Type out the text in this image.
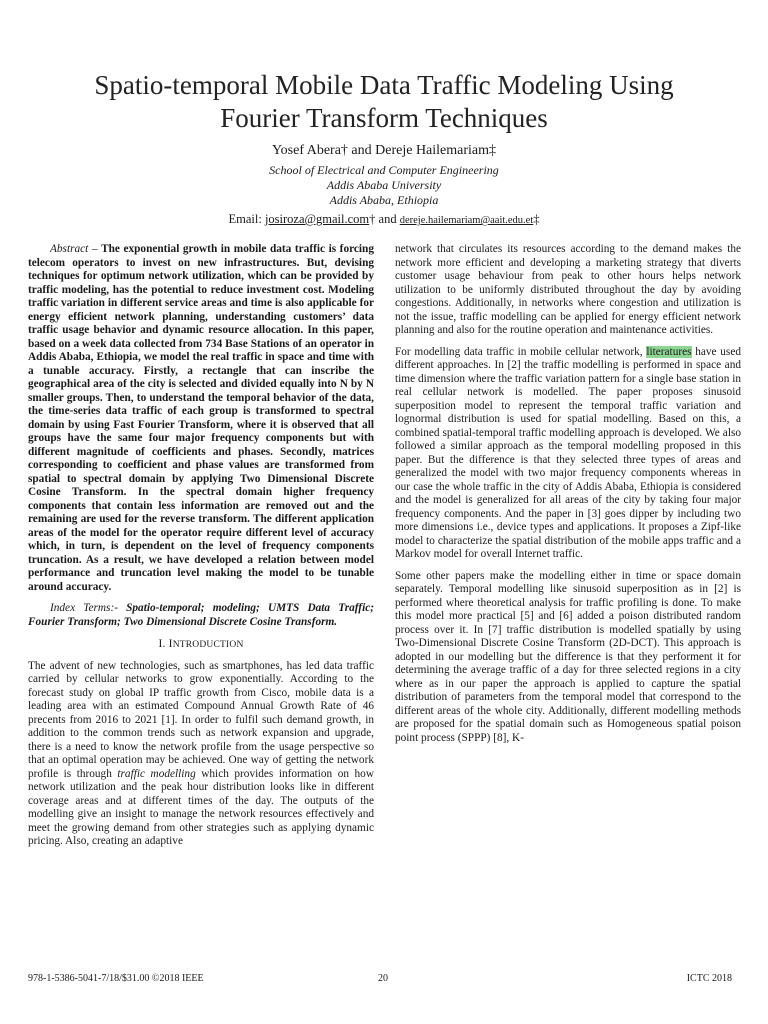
Spatio-temporal Mobile Data Traffic Modeling Using
Fourier Transform Techniques
Yosef Abera† and Dereje Hailemariam‡
School of Electrical and Computer Engineering
Addis Ababa University
Addis Ababa, Ethiopia
Email: josiroza@gmail.com† and dereje.hailemariam@aait.edu.et‡

Abstract – The exponential growth in mobile data traffic is forcing telecom operators to invest on new infrastructures. But, devising techniques for optimum network utilization, which can be provided by traffic modeling, has the potential to reduce investment cost. Modeling traffic variation in different service areas and time is also applicable for energy efficient network planning, understanding customers’ data traffic usage behavior and dynamic resource allocation. In this paper, based on a week data collected from 734 Base Stations of an operator in Addis Ababa, Ethiopia, we model the real traffic in space and time with a tunable accuracy. Firstly, a rectangle that can inscribe the geographical area of the city is selected and divided equally into N by N smaller groups. Then, to understand the temporal behavior of the data, the time-series data traffic of each group is transformed to spectral domain by using Fast Fourier Transform, where it is observed that all groups have the same four major frequency components but with different magnitude of coefficients and phases. Secondly, matrices corresponding to coefficient and phase values are transformed from spatial to spectral domain by applying Two Dimensional Discrete Cosine Transform. In the spectral domain higher frequency components that contain less information are removed out and the remaining are used for the reverse transform. The different application areas of the model for the operator require different level of accuracy which, in turn, is dependent on the level of frequency components truncation. As a result, we have developed a relation between model performance and truncation level making the model to be tunable around accuracy.

Index Terms:- Spatio-temporal; modeling; UMTS Data Traffic; Fourier Transform; Two Dimensional Discrete Cosine Transform.

I. INTRODUCTION

The advent of new technologies, such as smartphones, has led data traffic carried by cellular networks to grow exponentially. According to the forecast study on global IP traffic growth from Cisco, mobile data is a leading area with an estimated Compound Annual Growth Rate of 46 precents from 2016 to 2021 [1]. In order to fulfil such demand growth, in addition to the common trends such as network expansion and upgrade, there is a need to know the network profile from the usage perspective so that an optimal operation may be achieved. One way of getting the network profile is through traffic modelling which provides information on how network utilization and the peak hour distribution looks like in different coverage areas and at different times of the day. The outputs of the modelling give an insight to manage the network resources effectively and meet the growing demand from other strategies such as applying dynamic pricing. Also, creating an adaptive

network that circulates its resources according to the demand makes the network more efficient and developing a marketing strategy that diverts customer usage behaviour from peak to other hours helps network utilization to be uniformly distributed throughout the day by avoiding congestions. Additionally, in networks where congestion and utilization is not the issue, traffic modelling can be applied for energy efficient network planning and also for the routine operation and maintenance activities.

For modelling data traffic in mobile cellular network, literatures have used different approaches. In [2] the traffic modelling is performed in space and time dimension where the traffic variation pattern for a single base station in real cellular network is modelled. The paper proposes sinusoid superposition model to represent the temporal traffic variation and lognormal distribution is used for spatial modelling. Based on this, a combined spatial-temporal traffic modelling approach is developed. We also followed a similar approach as the temporal modelling proposed in this paper. But the difference is that they selected three types of areas and generalized the model with two major frequency components whereas in our case the whole traffic in the city of Addis Ababa, Ethiopia is considered and the model is generalized for all areas of the city by taking four major frequency components. And the paper in [3] goes dipper by including two more dimensions i.e., device types and applications. It proposes a Zipf-like model to characterize the spatial distribution of the mobile apps traffic and a Markov model for overall Internet traffic.

Some other papers make the modelling either in time or space domain separately. Temporal modelling like sinusoid superposition as in [2] is performed where theoretical analysis for traffic profiling is done. To make this model more practical [5] and [6] added a poison distributed random process over it. In [7] traffic distribution is modelled spatially by using Two-Dimensional Discrete Cosine Transform (2D-DCT). This approach is adopted in our modelling but the difference is that they performent it for determining the average traffic of a day for three selected regions in a city where as in our paper the approach is applied to capture the spatial distribution of parameters from the temporal model that correspond to the different areas of the whole city. Additionally, different modelling methods are proposed for the spatial domain such as Homogeneous spatial poison point process (SPPP) [8], K-

978-1-5386-5041-7/18/$31.00 ©2018 IEEE	20	ICTC 2018
